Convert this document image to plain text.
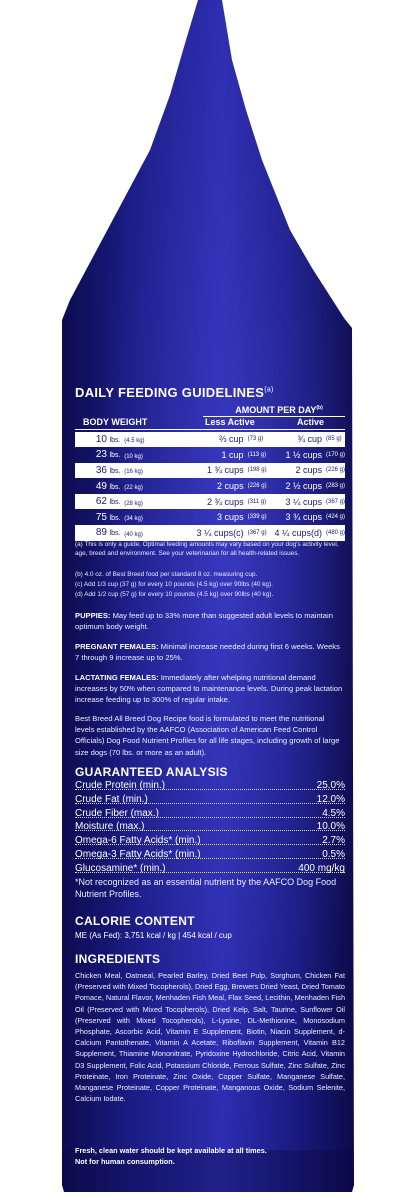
DAILY FEEDING GUIDELINES$^{(a)}$
AMOUNT PER DAY$^{(b)}$
BODY WEIGHT	Less Active	Active
10 lbs.	(4.5 kg)	⅔ cup	(73 g)	¾ cup	(85 g)
23 lbs.	(10 kg)	1 cup	(113 g)	1 ½ cups	(170 g)
36 lbs.	(16 kg)	1 ¾ cups	(198 g)	2 cups	(226 g)
49 lbs.	(22 kg)	2 cups	(226 g)	2 ½ cups	(283 g)
62 lbs.	(28 kg)	2 ¾ cups	(311 g)	3 ¼ cups	(367 g)
75 lbs.	(34 kg)	3 cups	(339 g)	3 ¾ cups	(424 g)
89 lbs.	(40 kg)	3 ¼ cups(c)	(367 g)	4 ¼ cups(d)	(480 g)
(a) This is only a guide. Optimal feeding amounts may vary based on your dog's activity level, age, breed and environment. See your veterinarian for all health-related issues.
(b) 4.0 oz. of Best Breed food per standard 8 oz. measuring cup.
(c) Add 1/3 cup (37 g) for every 10 pounds (4.5 kg) over 90lbs (40 kg).
(d) Add 1/2 cup (57 g) for every 10 pounds (4.5 kg) over 90lbs (40 kg).
PUPPIES: May feed up to 33% more than suggested adult levels to maintain optimum body weight.
PREGNANT FEMALES: Minimal increase needed during first 6 weeks. Weeks 7 through 9 increase up to 25%.
LACTATING FEMALES: Immediately after whelping nutritional demand increases by 50% when compared to maintenance levels. During peak lactation increase feeding up to 300% of regular intake.
Best Breed All Breed Dog Recipe food is formulated to meet the nutritional levels established by the AAFCO (Association of American Feed Control Officials) Dog Food Nutrient Profiles for all life stages, including growth of large size dogs (70 lbs. or more as an adult).
GUARANTEED ANALYSIS
Crude Protein (min.)	25.0%
Crude Fat (min.)	12.0%
Crude Fiber (max.)	4.5%
Moisture (max.)	10.0%
Omega-6 Fatty Acids* (min.)	2.7%
Omega-3 Fatty Acids* (min.)	0.5%
Glucosamine* (min.)	400 mg/kg
*Not recognized as an essential nutrient by the AAFCO Dog Food Nutrient Profiles.
CALORIE CONTENT
ME (As Fed): 3,751 kcal / kg | 454 kcal / cup
INGREDIENTS
Chicken Meal, Oatmeal, Pearled Barley, Dried Beet Pulp, Sorghum, Chicken Fat (Preserved with Mixed Tocopherols), Dried Egg, Brewers Dried Yeast, Dried Tomato Pomace, Natural Flavor, Menhaden Fish Meal, Flax Seed, Lecithin, Menhaden Fish Oil (Preserved with Mixed Tocopherols), Dried Kelp, Salt, Taurine, Sunflower Oil (Preserved with Mixed Tocopherols), L-Lysine, DL-Methionine, Monosodium Phosphate, Ascorbic Acid, Vitamin E Supplement, Biotin, Niacin Supplement, d-Calcium Pantothenate, Vitamin A Acetate, Riboflavin Supplement, Vitamin B12 Supplement, Thiamine Mononitrate, Pyridoxine Hydrochloride, Citric Acid, Vitamin D3 Supplement, Folic Acid, Potassium Chloride, Ferrous Sulfate, Zinc Sulfate, Zinc Proteinate, Iron Proteinate, Zinc Oxide, Copper Sulfate, Manganese Sulfate, Manganese Proteinate, Copper Proteinate, Manganous Oxide, Sodium Selenite, Calcium Iodate.
Fresh, clean water should be kept available at all times.
Not for human consumption.
